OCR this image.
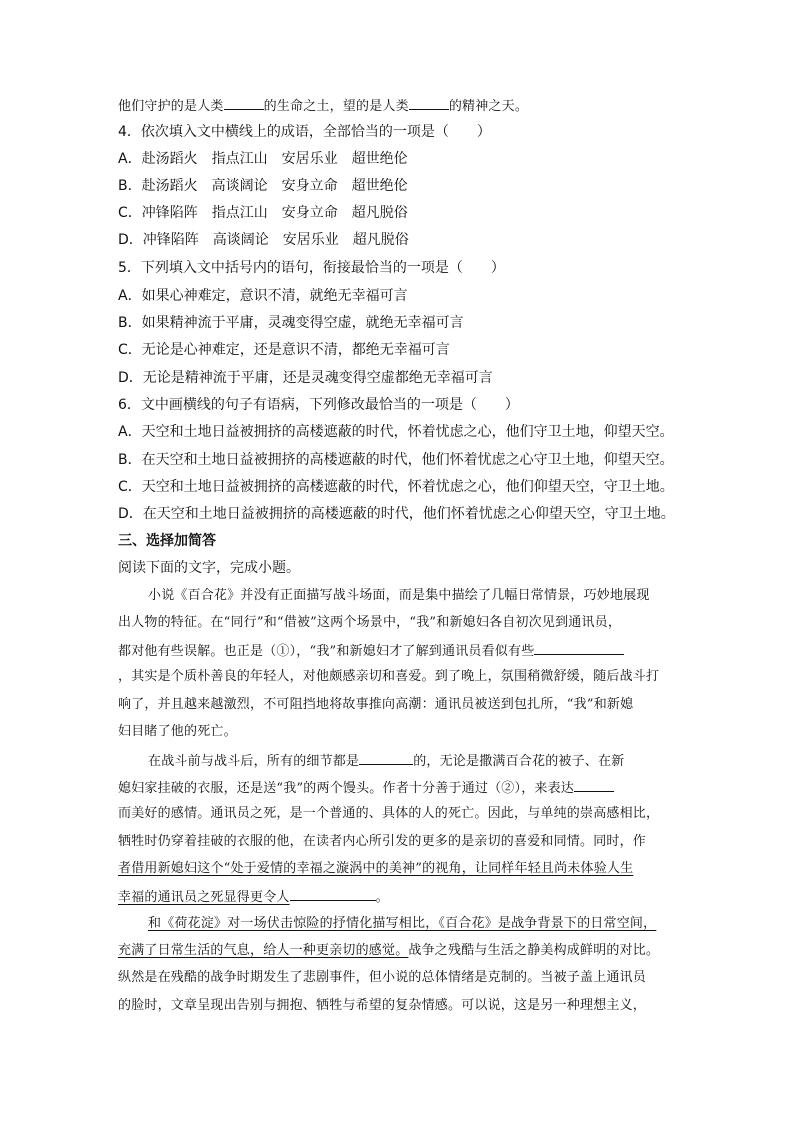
他们守护的是人类	的生命之土，望的是人类	的精神之天。
4．依次填入文中横线上的成语，全部恰当的一项是（　　）
A．赴汤蹈火　指点江山　安居乐业　超世绝伦
B．赴汤蹈火　高谈阔论　安身立命　超世绝伦
C．冲锋陷阵　指点江山　安身立命　超凡脱俗
D．冲锋陷阵　高谈阔论　安居乐业　超凡脱俗
5．下列填入文中括号内的语句，衔接最恰当的一项是（　　）
A．如果心神难定，意识不清，就绝无幸福可言
B．如果精神流于平庸，灵魂变得空虚，就绝无幸福可言
C．无论是心神难定，还是意识不清，都绝无幸福可言
D．无论是精神流于平庸，还是灵魂变得空虚都绝无幸福可言
6．文中画横线的句子有语病，下列修改最恰当的一项是（　　）
A．天空和土地日益被拥挤的高楼遮蔽的时代，怀着忧虑之心，他们守卫土地，仰望天空。
B．在天空和土地日益被拥挤的高楼遮蔽的时代，他们怀着忧虑之心守卫土地，仰望天空。
C．天空和土地日益被拥挤的高楼遮蔽的时代，怀着忧虑之心，他们仰望天空，守卫土地。
D．在天空和土地日益被拥挤的高楼遮蔽的时代，他们怀着忧虑之心仰望天空，守卫土地。
三、选择加简答
阅读下面的文字，完成小题。
小说《百合花》并没有正面描写战斗场面，而是集中描绘了几幅日常情景，巧妙地展现
出人物的特征。在“同行”和“借被”这两个场景中，“我”和新媳妇各自初次见到通讯员，
都对他有些误解。也正是（①），“我”和新媳妇才了解到通讯员看似有些
，其实是个质朴善良的年轻人，对他颇感亲切和喜爱。到了晚上，氛围稍微舒缓，随后战斗打
响了，并且越来越激烈，不可阻挡地将故事推向高潮：通讯员被送到包扎所，“我”和新媳
妇目睹了他的死亡。
在战斗前与战斗后，所有的细节都是	的，无论是撒满百合花的被子、在新
媳妇家挂破的衣服，还是送“我”的两个馒头。作者十分善于通过（②），来表达
而美好的感情。通讯员之死，是一个普通的、具体的人的死亡。因此，与单纯的崇高感相比，
牺牲时仍穿着挂破的衣服的他，在读者内心所引发的更多的是亲切的喜爱和同情。同时，作
者借用新媳妇这个“处于爱情的幸福之漩涡中的美神”的视角，让同样年轻且尚未体验人生
幸福的通讯员之死显得更令人	。
和《荷花淀》对一场伏击惊险的抒情化描写相比，《百合花》是战争背景下的日常空间，
充满了日常生活的气息，给人一种更亲切的感觉。战争之残酷与生活之静美构成鲜明的对比。
纵然是在残酷的战争时期发生了悲剧事件，但小说的总体情绪是克制的。当被子盖上通讯员
的脸时，文章呈现出告别与拥抱、牺牲与希望的复杂情感。可以说，这是另一种理想主义，
